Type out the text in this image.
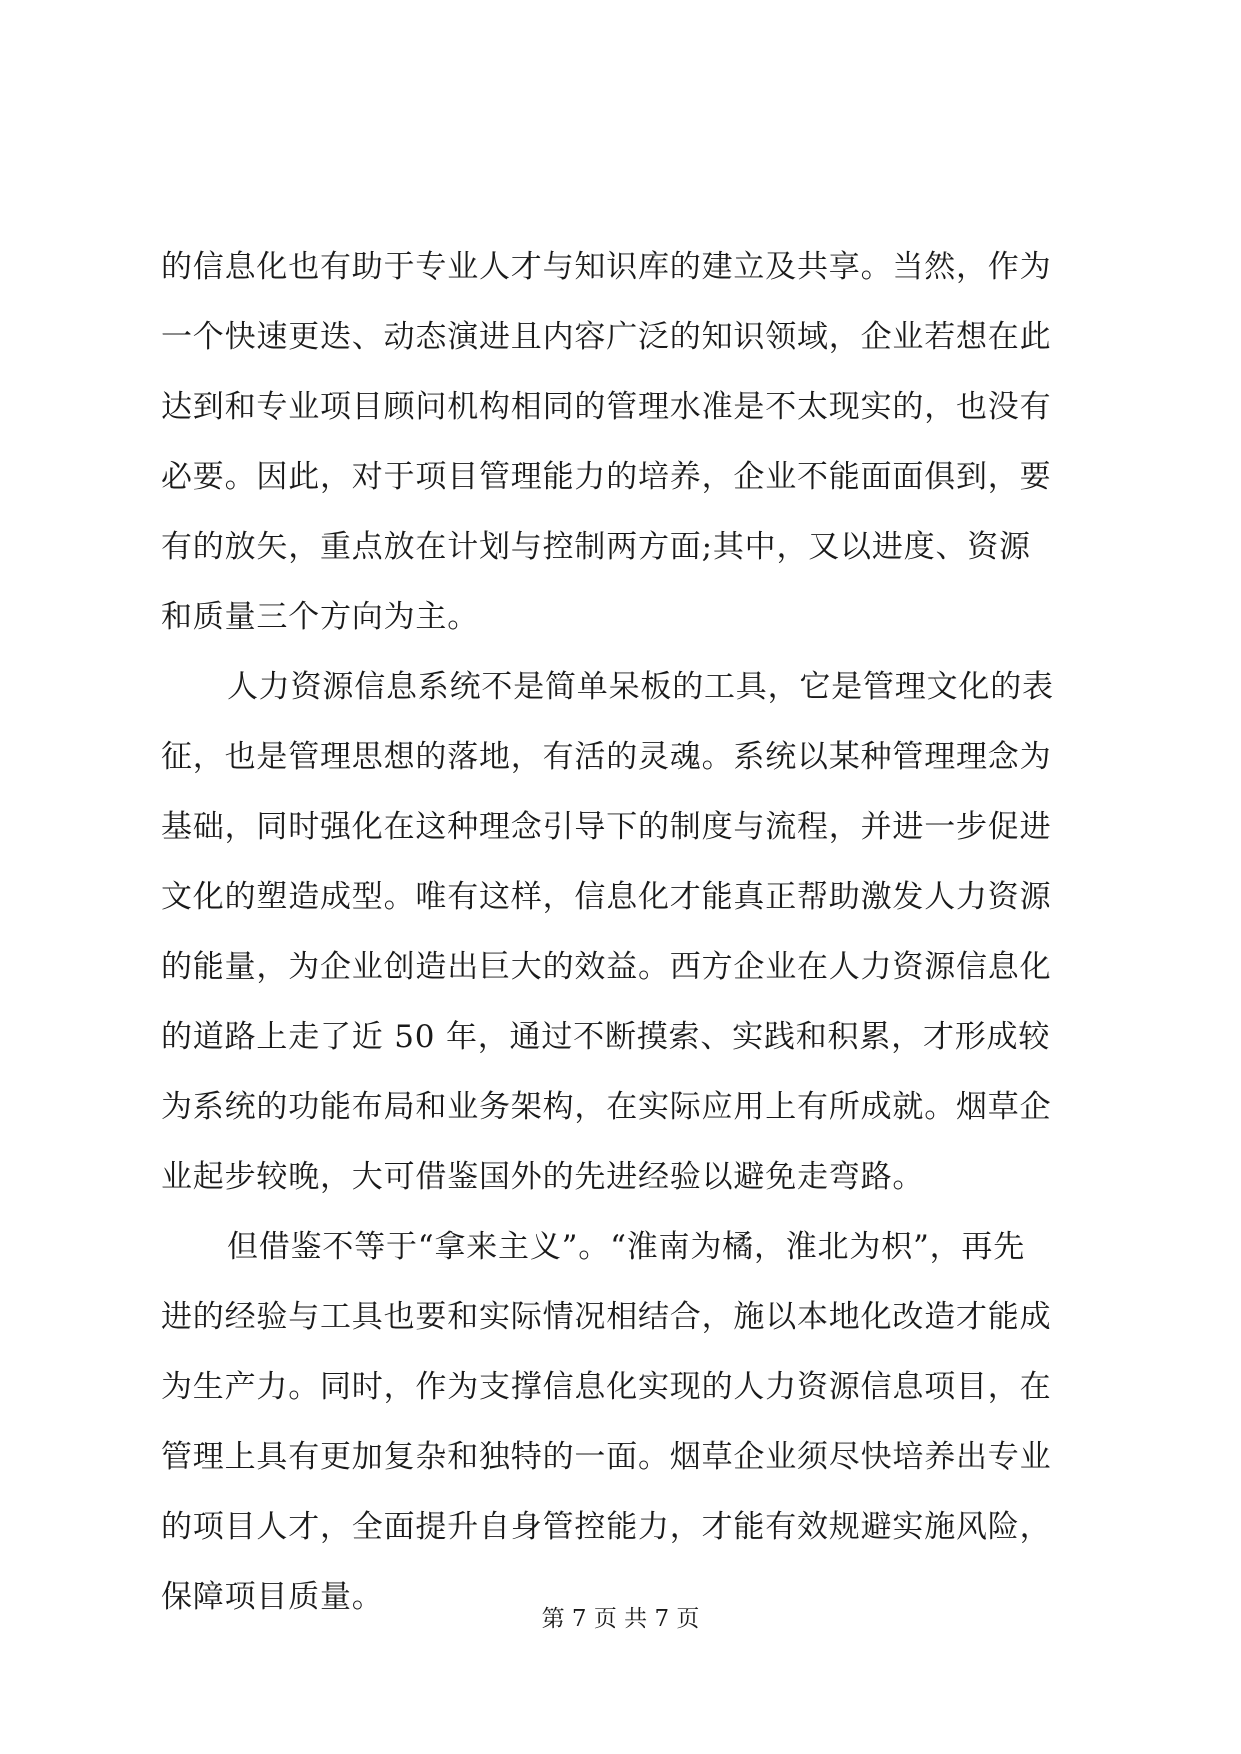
的信息化也有助于专业人才与知识库的建立及共享。当然，作为
一个快速更迭、动态演进且内容广泛的知识领域，企业若想在此
达到和专业项目顾问机构相同的管理水准是不太现实的，也没有
必要。因此，对于项目管理能力的培养，企业不能面面俱到，要
有的放矢，重点放在计划与控制两方面;其中，又以进度、资源
和质量三个方向为主。
人力资源信息系统不是简单呆板的工具，它是管理文化的表
征，也是管理思想的落地，有活的灵魂。系统以某种管理理念为
基础，同时强化在这种理念引导下的制度与流程，并进一步促进
文化的塑造成型。唯有这样，信息化才能真正帮助激发人力资源
的能量，为企业创造出巨大的效益。西方企业在人力资源信息化
的道路上走了近 50 年，通过不断摸索、实践和积累，才形成较
为系统的功能布局和业务架构，在实际应用上有所成就。烟草企
业起步较晚，大可借鉴国外的先进经验以避免走弯路。
但借鉴不等于“拿来主义”。“淮南为橘，淮北为枳”，再先
进的经验与工具也要和实际情况相结合，施以本地化改造才能成
为生产力。同时，作为支撑信息化实现的人力资源信息项目，在
管理上具有更加复杂和独特的一面。烟草企业须尽快培养出专业
的项目人才，全面提升自身管控能力，才能有效规避实施风险，
保障项目质量。
第 7 页 共 7 页
